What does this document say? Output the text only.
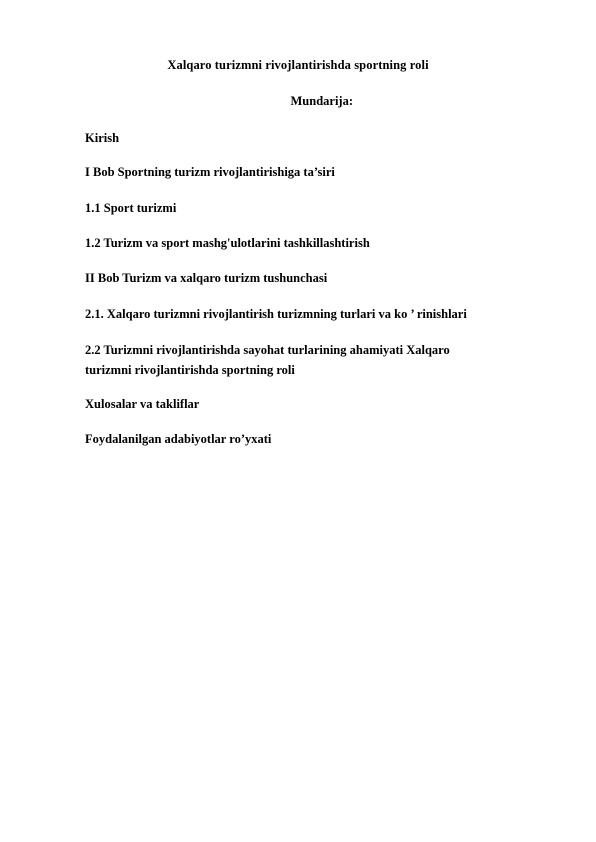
Xalqaro turizmni rivojlantirishda sportning roli
Mundarija:
Kirish
I Bob Sportning turizm rivojlantirishiga ta’siri
1.1 Sport turizmi
1.2 Turizm va sport mashg'ulotlarini tashkillashtirish
II Bob Turizm va xalqaro turizm tushunchasi
2.1. Xalqaro turizmni rivojlantirish turizmning turlari va ko ’ rinishlari
2.2 Turizmni rivojlantirishda sayohat turlarining ahamiyati Xalqaro
turizmni rivojlantirishda sportning roli
Xulosalar va takliflar
Foydalanilgan adabiyotlar ro’yxati
